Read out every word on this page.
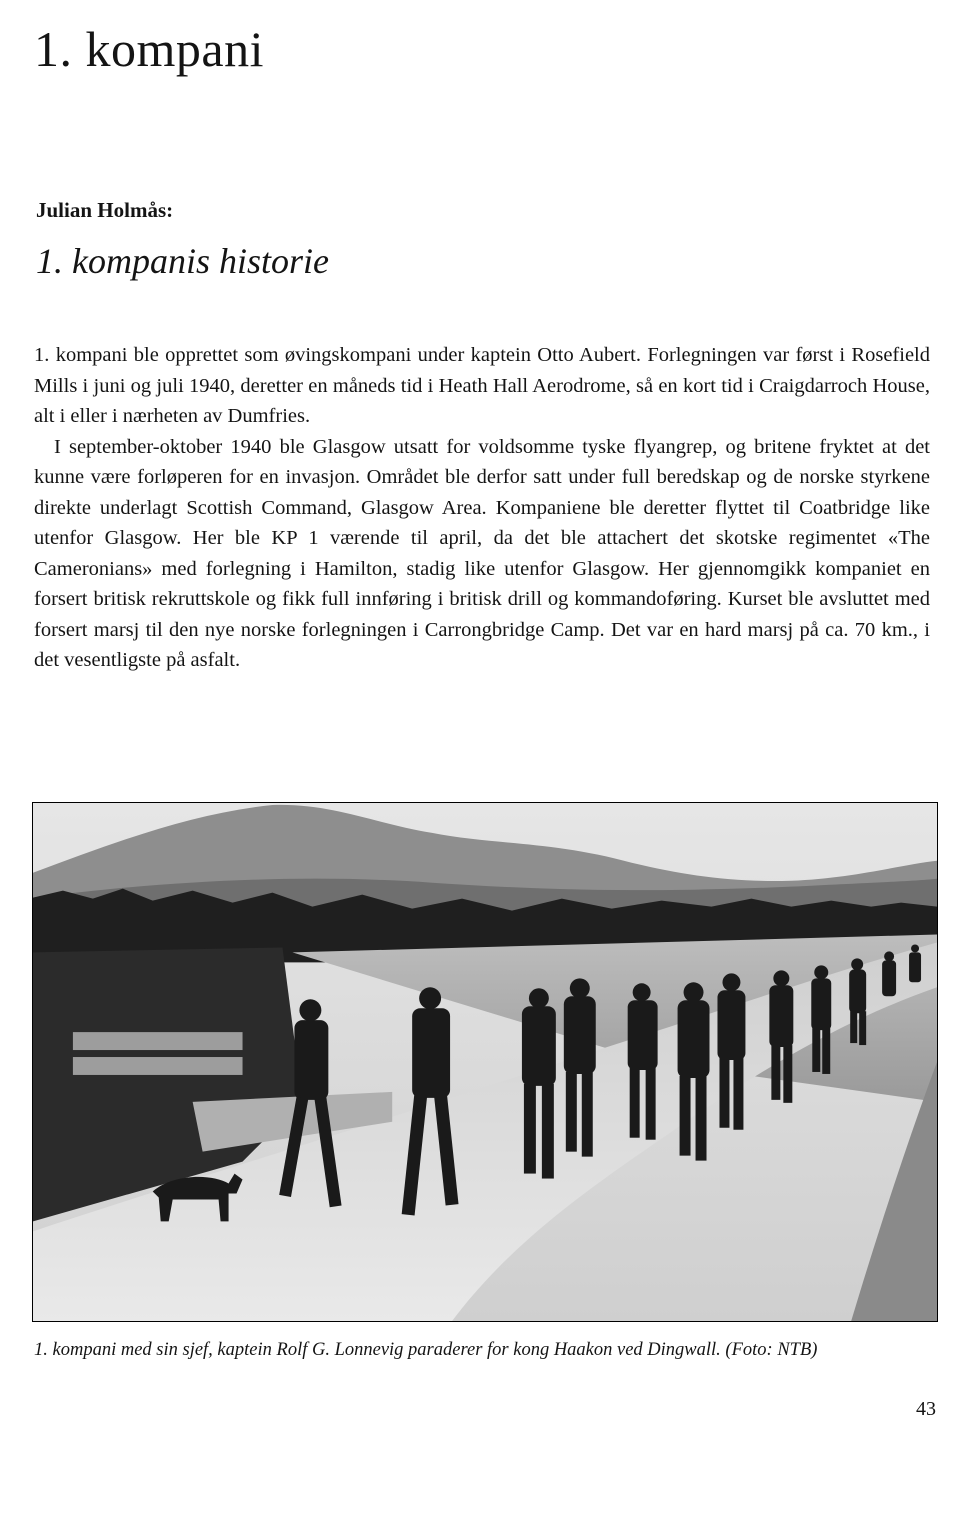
1. kompani
Julian Holmås:
1. kompanis historie

1. kompani ble opprettet som øvingskompani under kaptein Otto Aubert. Forlegningen var først i Rosefield Mills i juni og juli 1940, deretter en måneds tid i Heath Hall Aerodrome, så en kort tid i Craigdarroch House, alt i eller i nærheten av Dumfries.

I september-oktober 1940 ble Glasgow utsatt for voldsomme tyske flyangrep, og britene fryktet at det kunne være forløperen for en invasjon. Området ble derfor satt under full beredskap og de norske styrkene direkte underlagt Scottish Command, Glasgow Area. Kompaniene ble deretter flyttet til Coatbridge like utenfor Glasgow. Her ble KP 1 værende til april, da det ble attachert det skotske regimentet «The Cameronians» med forlegning i Hamilton, stadig like utenfor Glasgow. Her gjennomgikk kompaniet en forsert britisk rekruttskole og fikk full innføring i britisk drill og kommandoføring. Kurset ble avsluttet med forsert marsj til den nye norske forlegningen i Carrongbridge Camp. Det var en hard marsj på ca. 70 km., i det vesentligste på asfalt.

1. kompani med sin sjef, kaptein Rolf G. Lonnevig paraderer for kong Haakon ved Dingwall. (Foto: NTB)

43
